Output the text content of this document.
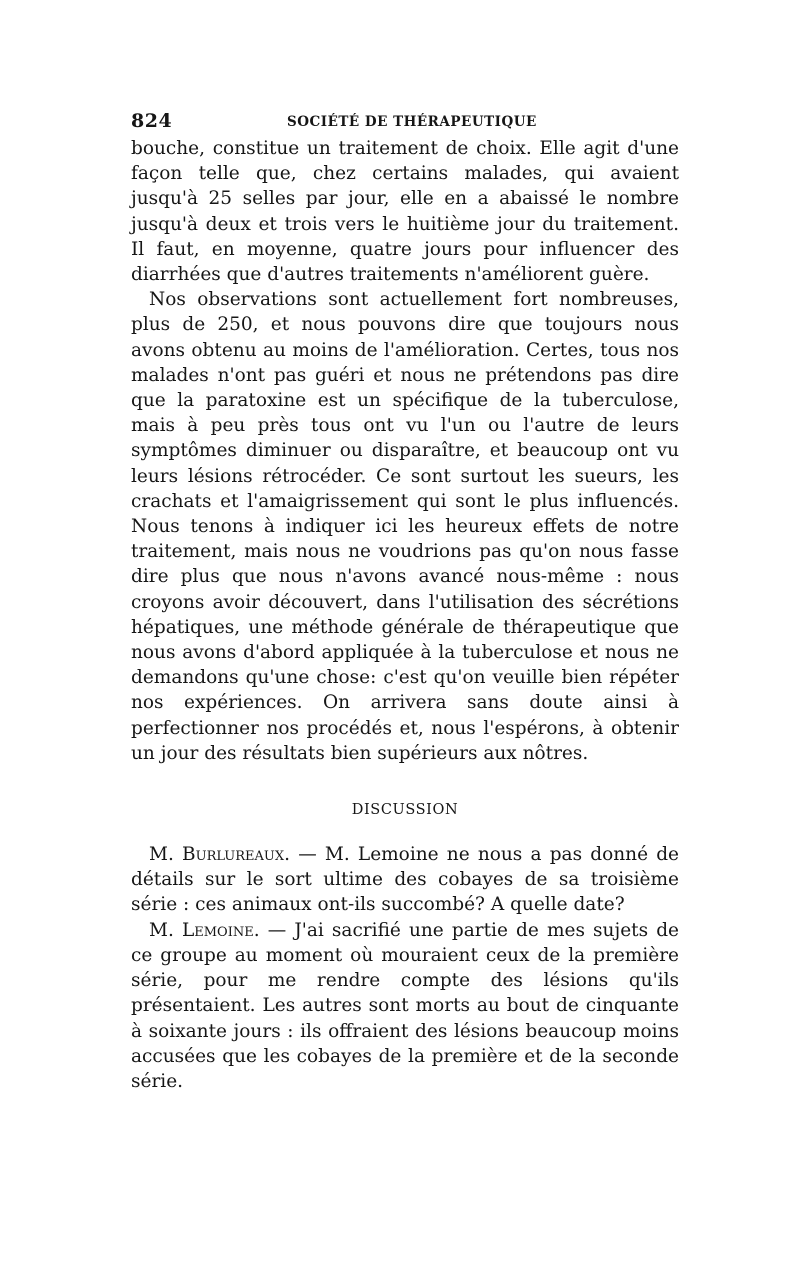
824	SOCIÉTÉ DE THÉRAPEUTIQUE

bouche, constitue un traitement de choix. Elle agit d'une façon telle que, chez certains malades, qui avaient jusqu'à 25 selles par jour, elle en a abaissé le nombre jusqu'à deux et trois vers le huitième jour du traitement. Il faut, en moyenne, quatre jours pour influencer des diarrhées que d'autres traitements n'améliorent guère.

Nos observations sont actuellement fort nombreuses, plus de 250, et nous pouvons dire que toujours nous avons obtenu au moins de l'amélioration. Certes, tous nos malades n'ont pas guéri et nous ne prétendons pas dire que la paratoxine est un spécifique de la tuberculose, mais à peu près tous ont vu l'un ou l'autre de leurs symptômes diminuer ou disparaître, et beaucoup ont vu leurs lésions rétrocéder. Ce sont surtout les sueurs, les crachats et l'amaigrissement qui sont le plus influencés. Nous tenons à indiquer ici les heureux effets de notre traitement, mais nous ne voudrions pas qu'on nous fasse dire plus que nous n'avons avancé nous-même : nous croyons avoir découvert, dans l'utilisation des sécrétions hépatiques, une méthode générale de thérapeutique que nous avons d'abord appliquée à la tuberculose et nous ne demandons qu'une chose: c'est qu'on veuille bien répéter nos expériences. On arrivera sans doute ainsi à perfectionner nos procédés et, nous l'espérons, à obtenir un jour des résultats bien supérieurs aux nôtres.

DISCUSSION

M. Burlureaux. — M. Lemoine ne nous a pas donné de détails sur le sort ultime des cobayes de sa troisième série : ces animaux ont-ils succombé? A quelle date?

M. Lemoine. — J'ai sacrifié une partie de mes sujets de ce groupe au moment où mouraient ceux de la première série, pour me rendre compte des lésions qu'ils présentaient. Les autres sont morts au bout de cinquante à soixante jours : ils offraient des lésions beaucoup moins accusées que les cobayes de la première et de la seconde série.
